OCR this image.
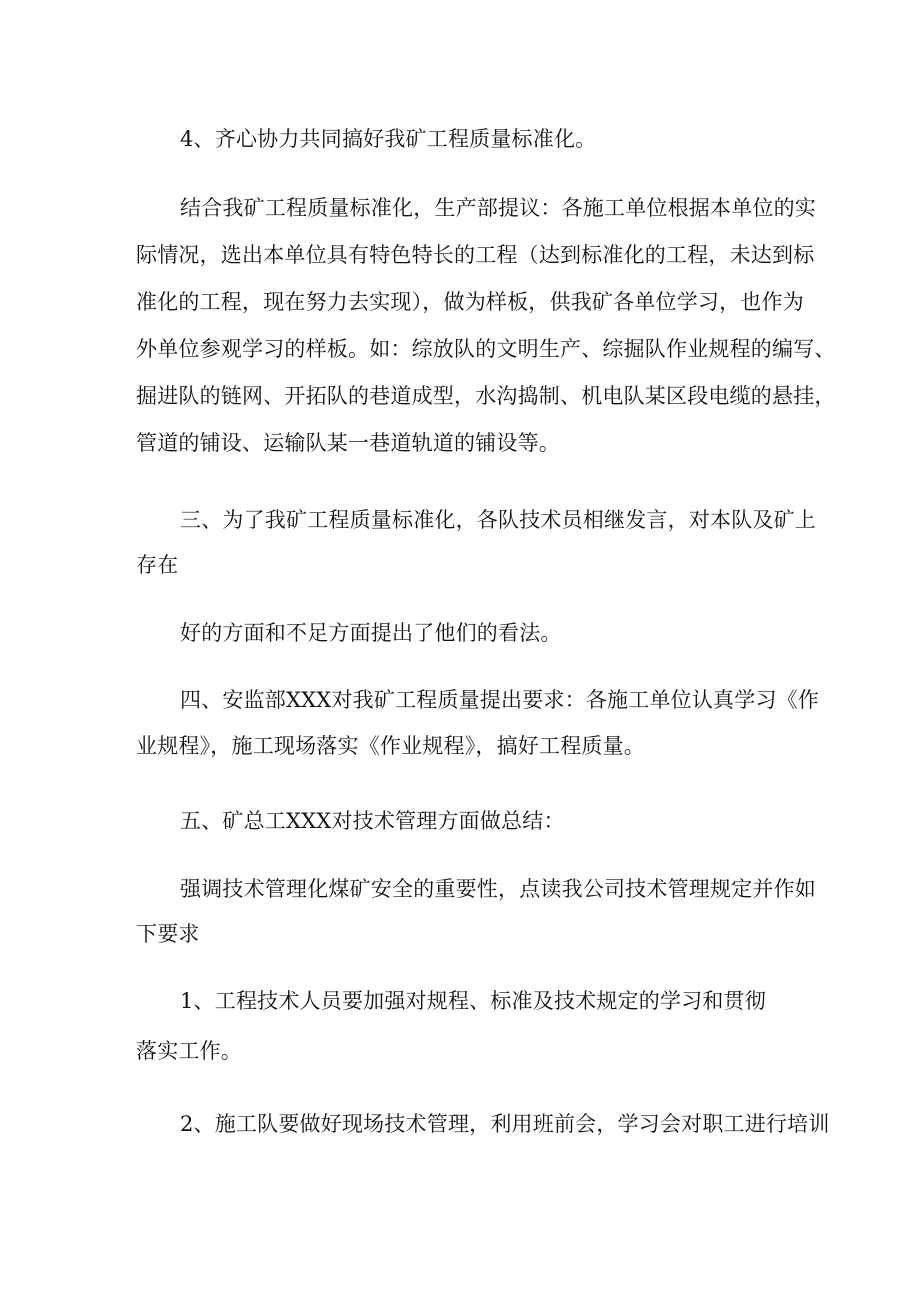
4、齐心协力共同搞好我矿工程质量标准化。

结合我矿工程质量标准化，生产部提议：各施工单位根据本单位的实

际情况，选出本单位具有特色特长的工程（达到标准化的工程，未达到标

准化的工程，现在努力去实现），做为样板，供我矿各单位学习，也作为

外单位参观学习的样板。如：综放队的文明生产、综掘队作业规程的编写、

掘进队的链网、开拓队的巷道成型，水沟捣制、机电队某区段电缆的悬挂，

管道的铺设、运输队某一巷道轨道的铺设等。

三、为了我矿工程质量标准化，各队技术员相继发言，对本队及矿上

存在

好的方面和不足方面提出了他们的看法。

四、安监部XXX对我矿工程质量提出要求：各施工单位认真学习《作

业规程》，施工现场落实《作业规程》，搞好工程质量。

五、矿总工XXX对技术管理方面做总结：

强调技术管理化煤矿安全的重要性，点读我公司技术管理规定并作如

下要求

1、工程技术人员要加强对规程、标准及技术规定的学习和贯彻

落实工作。

2、施工队要做好现场技术管理，利用班前会，学习会对职工进行培训
